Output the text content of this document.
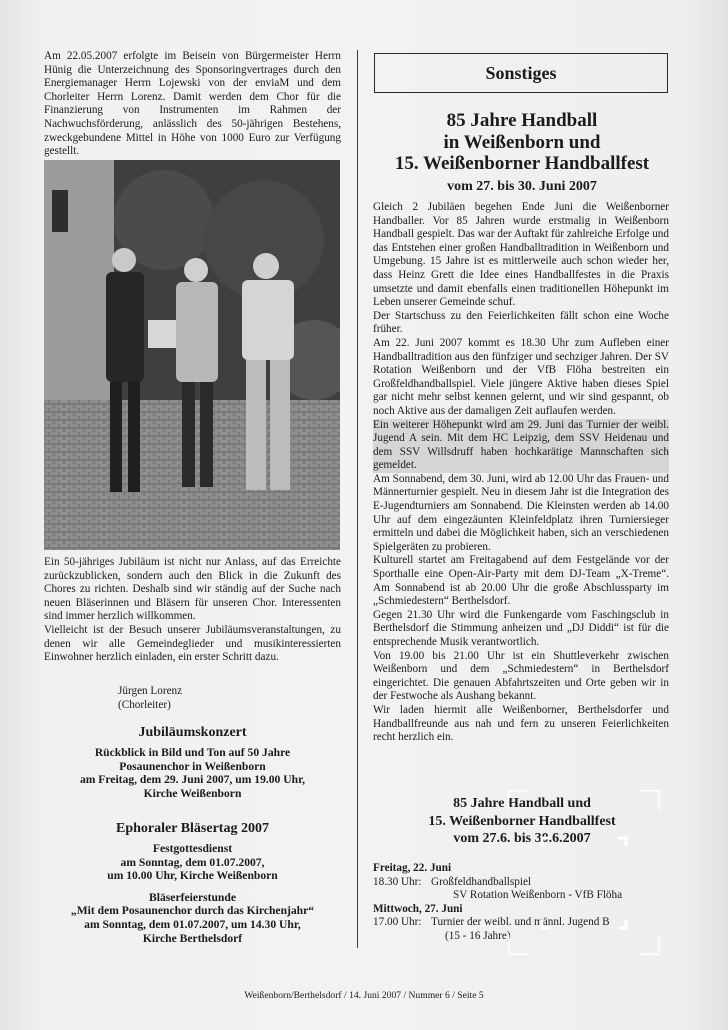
Am 22.05.2007 erfolgte im Beisein von Bürgermeister Herrn Hünig die Unterzeichnung des Sponsoringvertrages durch den Energiemanager Herrn Lojewski von der enviaM und dem Chorleiter Herrn Lorenz. Damit werden dem Chor für die Finanzierung von Instrumenten im Rahmen der Nachwuchsförderung, anlässlich des 50-jährigen Bestehens, zweckgebundene Mittel in Höhe von 1000 Euro zur Verfügung gestellt.

Ein 50-jähriges Jubiläum ist nicht nur Anlass, auf das Erreichte zurückzublicken, sondern auch den Blick in die Zukunft des Chores zu richten. Deshalb sind wir ständig auf der Suche nach neuen Bläserinnen und Bläsern für unseren Chor. Interessenten sind immer herzlich willkommen.

Vielleicht ist der Besuch unserer Jubiläumsveranstaltungen, zu denen wir alle Gemeindeglieder und musikinteressierten Einwohner herzlich einladen, ein erster Schritt dazu.

Jürgen Lorenz
(Chorleiter)

Jubiläumskonzert

Rückblick in Bild und Ton auf 50 Jahre

Posaunenchor in Weißenborn

am Freitag, dem 29. Juni 2007, um 19.00 Uhr,

Kirche Weißenborn

Ephoraler Bläsertag 2007

Festgottesdienst

am Sonntag, dem 01.07.2007,

um 10.00 Uhr, Kirche Weißenborn

Bläserfeierstunde

„Mit dem Posaunenchor durch das Kirchenjahr“

am Sonntag, dem 01.07.2007, um 14.30 Uhr,

Kirche Berthelsdorf

Sonstiges
85 Jahre Handball
in Weißenborn und
15. Weißenborner Handballfest
vom 27. bis 30. Juni 2007

Gleich 2 Jubiläen begehen Ende Juni die Weißenborner Handballer. Vor 85 Jahren wurde erstmalig in Weißenborn Handball gespielt. Das war der Auftakt für zahlreiche Erfolge und das Entstehen einer großen Handballtradition in Weißenborn und Umgebung. 15 Jahre ist es mittlerweile auch schon wieder her, dass Heinz Grett die Idee eines Handballfestes in die Praxis umsetzte und damit ebenfalls einen traditionellen Höhepunkt im Leben unserer Gemeinde schuf.

Der Startschuss zu den Feierlichkeiten fällt schon eine Woche früher.

Am 22. Juni 2007 kommt es 18.30 Uhr zum Aufleben einer Handballtradition aus den fünfziger und sechziger Jahren. Der SV Rotation Weißenborn und der VfB Flöha bestreiten ein Großfeldhandballspiel. Viele jüngere Aktive haben dieses Spiel gar nicht mehr selbst kennen gelernt, und wir sind gespannt, ob noch Aktive aus der damaligen Zeit auflaufen werden.

Ein weiterer Höhepunkt wird am 29. Juni das Turnier der weibl. Jugend A sein. Mit dem HC Leipzig, dem SSV Heidenau und dem SSV Willsdruff haben hochkarätige Mannschaften sich gemeldet.

Am Sonnabend, dem 30. Juni, wird ab 12.00 Uhr das Frauen- und Männerturnier gespielt. Neu in diesem Jahr ist die Integration des E-Jugendturniers am Sonnabend. Die Kleinsten werden ab 14.00 Uhr auf dem eingezäunten Kleinfeldplatz ihren Turniersieger ermitteln und dabei die Möglichkeit haben, sich an verschiedenen Spielgeräten zu probieren.

Kulturell startet am Freitagabend auf dem Festgelände vor der Sporthalle eine Open-Air-Party mit dem DJ-Team „X-Treme“. Am Sonnabend ist ab 20.00 Uhr die große Abschlussparty im „Schmiedestern“ Berthelsdorf.

Gegen 21.30 Uhr wird die Funkengarde vom Faschingsclub in Berthelsdorf die Stimmung anheizen und „DJ Diddi“ ist für die entsprechende Musik verantwortlich.

Von 19.00 bis 21.00 Uhr ist ein Shuttleverkehr zwischen Weißenborn und dem „Schmiedestern“ in Berthelsdorf eingerichtet. Die genauen Abfahrtszeiten und Orte geben wir in der Festwoche als Aushang bekannt.

Wir laden hiermit alle Weißenborner, Berthelsdorfer und Handballfreunde aus nah und fern zu unseren Feierlichkeiten recht herzlich ein.

85 Jahre Handball und
15. Weißenborner Handballfest
vom 27.6. bis 30.6.2007
Freitag, 22. Juni
18.30 Uhr: Großfeldhandballspiel
SV Rotation Weißenborn - VfB Flöha
Mittwoch, 27. Juni
17.00 Uhr: Turnier der weibl. und männl. Jugend B
(15 - 16 Jahre)
Weißenborn/Berthelsdorf / 14. Juni 2007 / Nummer 6 / Seite 5
